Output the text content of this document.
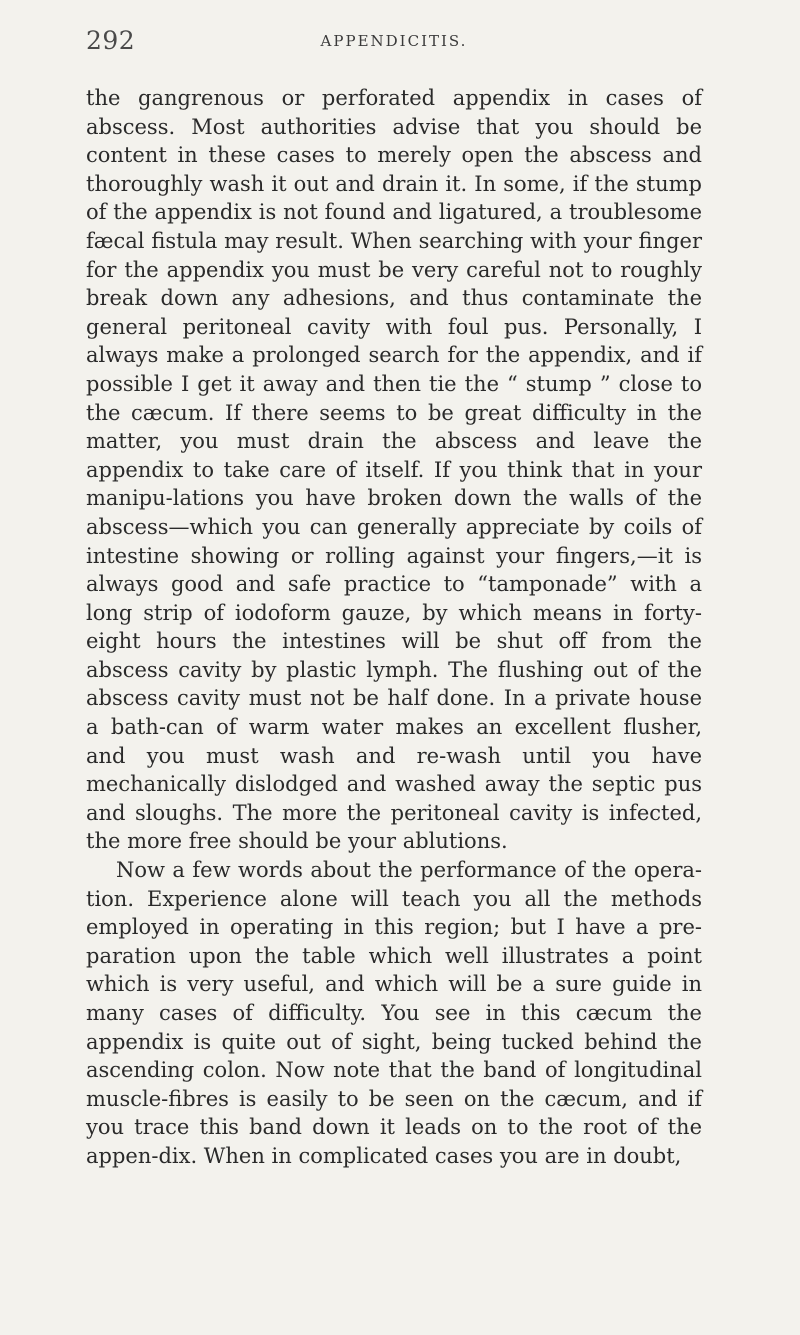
292	APPENDICITIS.

the gangrenous or perforated appendix in cases of abscess. Most authorities advise that you should be content in these cases to merely open the abscess and thoroughly wash it out and drain it. In some, if the stump of the appendix is not found and ligatured, a troublesome fæcal fistula may result. When searching with your finger for the appendix you must be very careful not to roughly break down any adhesions, and thus contaminate the general peritoneal cavity with foul pus. Personally, I always make a prolonged search for the appendix, and if possible I get it away and then tie the “ stump ” close to the cæcum. If there seems to be great difficulty in the matter, you must drain the abscess and leave the appendix to take care of itself. If you think that in your manipu-lations you have broken down the walls of the abscess—which you can generally appreciate by coils of intestine showing or rolling against your fingers,—it is always good and safe practice to “tamponade” with a long strip of iodoform gauze, by which means in forty-eight hours the intestines will be shut off from the abscess cavity by plastic lymph. The flushing out of the abscess cavity must not be half done. In a private house a bath-can of warm water makes an excellent flusher, and you must wash and re-wash until you have mechanically dislodged and washed away the septic pus and sloughs. The more the peritoneal cavity is infected, the more free should be your ablutions.

Now a few words about the performance of the opera-tion. Experience alone will teach you all the methods employed in operating in this region; but I have a pre-paration upon the table which well illustrates a point which is very useful, and which will be a sure guide in many cases of difficulty. You see in this cæcum the appendix is quite out of sight, being tucked behind the ascending colon. Now note that the band of longitudinal muscle-fibres is easily to be seen on the cæcum, and if you trace this band down it leads on to the root of the appen-dix. When in complicated cases you are in doubt,
